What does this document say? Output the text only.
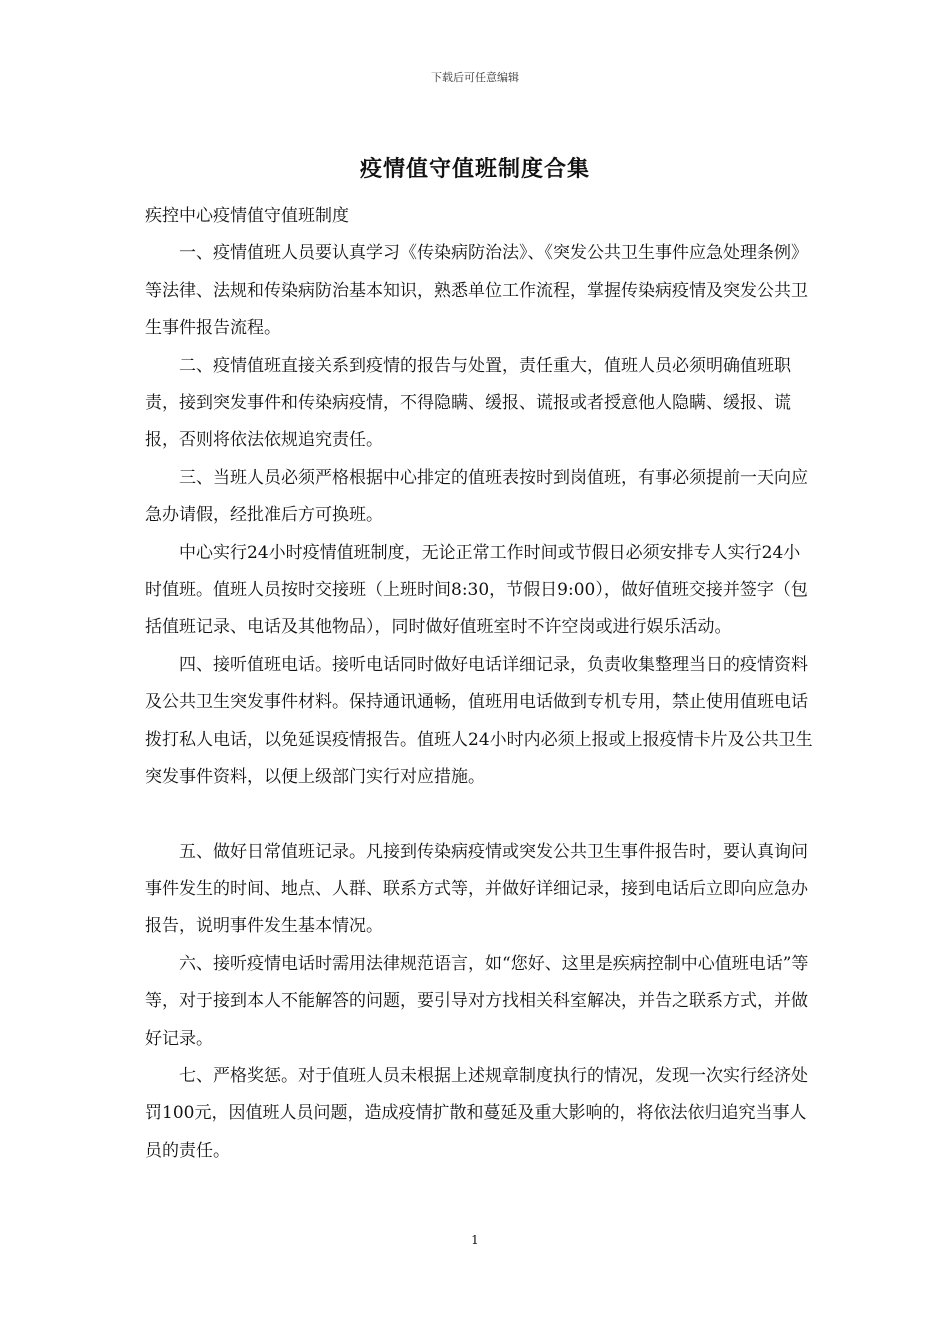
下载后可任意编辑
疫情值守值班制度合集

疾控中心疫情值守值班制度

一、疫情值班人员要认真学习《传染病防治法》、《突发公共卫生事件应急处理条例》等法律、法规和传染病防治基本知识，熟悉单位工作流程，掌握传染病疫情及突发公共卫生事件报告流程。

二、疫情值班直接关系到疫情的报告与处置，责任重大，值班人员必须明确值班职责，接到突发事件和传染病疫情，不得隐瞒、缓报、谎报或者授意他人隐瞒、缓报、谎报，否则将依法依规追究责任。

三、当班人员必须严格根据中心排定的值班表按时到岗值班，有事必须提前一天向应急办请假，经批准后方可换班。

中心实行24小时疫情值班制度，无论正常工作时间或节假日必须安排专人实行24小时值班。值班人员按时交接班（上班时间8:30，节假日9:00），做好值班交接并签字（包括值班记录、电话及其他物品），同时做好值班室时不许空岗或进行娱乐活动。

四、接听值班电话。接听电话同时做好电话详细记录，负责收集整理当日的疫情资料及公共卫生突发事件材料。保持通讯通畅，值班用电话做到专机专用，禁止使用值班电话拨打私人电话，以免延误疫情报告。值班人24小时内必须上报或上报疫情卡片及公共卫生突发事件资料，以便上级部门实行对应措施。

五、做好日常值班记录。凡接到传染病疫情或突发公共卫生事件报告时，要认真询问事件发生的时间、地点、人群、联系方式等，并做好详细记录，接到电话后立即向应急办报告，说明事件发生基本情况。

六、接听疫情电话时需用法律规范语言，如“您好、这里是疾病控制中心值班电话”等等，对于接到本人不能解答的问题，要引导对方找相关科室解决，并告之联系方式，并做好记录。

七、严格奖惩。对于值班人员未根据上述规章制度执行的情况，发现一次实行经济处罚100元，因值班人员问题，造成疫情扩散和蔓延及重大影响的，将依法依归追究当事人员的责任。

1
